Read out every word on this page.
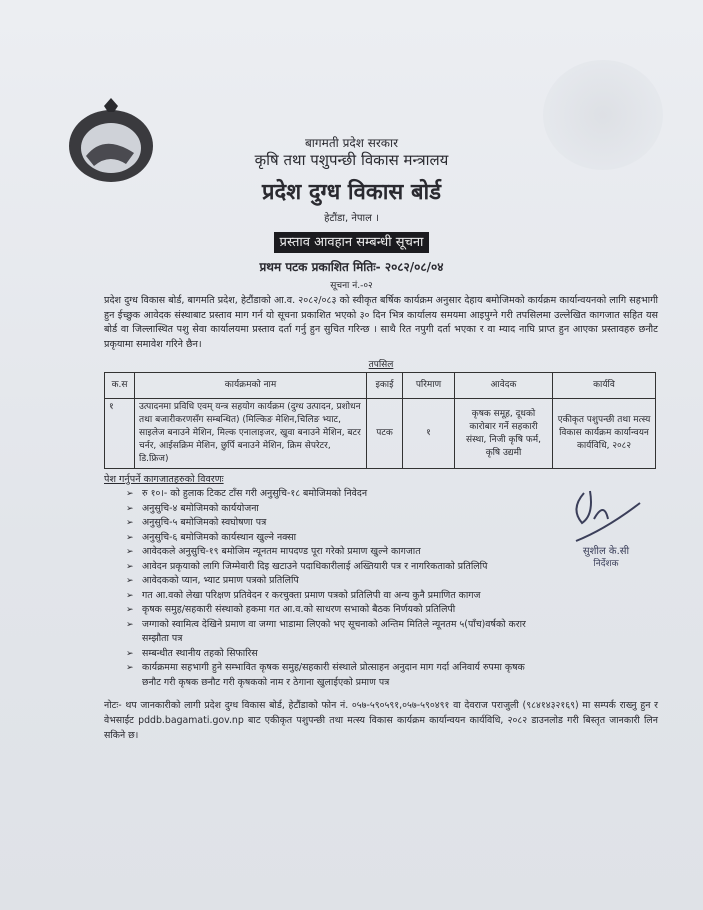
बागमती प्रदेश सरकार
कृषि तथा पशुपन्छी विकास मन्त्रालय
प्रदेश दुग्ध विकास बोर्ड
हेटौंडा, नेपाल ।
प्रस्ताव आवहान सम्बन्धी सूचना
प्रथम पटक प्रकाशित मितिः- २०८२/०८/०४
सूचना नं.-०२

प्रदेश दुग्ध विकास बोर्ड, बागमति प्रदेश, हेटौंडाको आ.व. २०८२/०८३ को स्वीकृत बर्षिक कार्यक्रम अनुसार देहाय बमोजिमको कार्यक्रम कार्यान्वयनको लागि सहभागी हुन ईच्छुक आवेदक संस्थाबाट प्रस्ताव माग गर्न यो सूचना प्रकाशित भएको ३० दिन भित्र कार्यालय समयमा आइपुग्ने गरी तपसिलमा उल्लेखित कागजात सहित यस बोर्ड वा जिल्लास्थित पशु सेवा कार्यालयमा प्रस्ताव दर्ता गर्नु हुन सुचित गरिन्छ । साथै रित नपुगी दर्ता भएका र वा म्याद नाघि प्राप्त हुन आएका प्रस्तावहरु छनौट प्रकृयामा समावेश गरिने छैन।

तपसिल
क.स	कार्यक्रमको नाम	इकाई	परिमाण	आवेदक	कार्यवि
१	उत्पादनमा प्रविधि एवम् यन्त्र सहयोग कार्यक्रम (दुग्ध उत्पादन, प्रशोधन तथा बजारीकरणसँग सम्बन्धित) (मिल्किङ मेशिन,चिलिङ भ्याट, साइलेज बनाउने मेशिन, मिल्क एनालाइजर, खुवा बनाउने मेशिन, बटर चर्नर, आईसक्रिम मेशिन, छुर्पि बनाउने मेशिन, क्रिम सेपरेटर, डि.फ्रिज)	पटक	१	कृषक समूह, दूधको कारोबार गर्ने सहकारी संस्था, निजी कृषि फर्म, कृषि उद्यमी	एकीकृत पशुपन्छी तथा मत्स्य विकास कार्यक्रम कार्यान्वयन कार्यविधि, २०८२
पेश गर्नुपर्ने कागजातहरुको विवरणः
➢ रु १०।- को हुलाक टिकट टाँस गरी अनुसुचि-१८ बमोजिमको निवेदन
➢ अनुसुचि-४ बमोजिमको कार्ययोजना
➢ अनुसुचि-५ बमोजिमको स्वघोषणा पत्र
➢ अनुसुचि-६ बमोजिमको कार्यस्थान खुल्ने नक्सा
➢ आवेदकले अनुसुचि-१९ बमोजिम न्यूनतम मापदण्ड पूरा गरेको प्रमाण खुल्ने कागजात
➢ आवेदन प्रकृयाको लागि जिम्मेवारी दिइ खटाउने पदाधिकारीलाई अख्तियारी पत्र र नागरिकताको प्रतिलिपि
➢ आवेदकको प्यान, भ्याट प्रमाण पत्रको प्रतिलिपि
➢ गत आ.वको लेखा परिक्षण प्रतिवेदन र करचुक्ता प्रमाण पत्रको प्रतिलिपी वा अन्य कुनै प्रमाणित कागज
➢ कृषक समुह/सहकारी संस्थाको हकमा गत आ.व.को साधरण सभाको बैठक निर्णयको प्रतिलिपी
➢ जग्गाको स्वामित्व देखिने प्रमाण वा जग्गा भाडामा लिएको भए सूचनाको अन्तिम मितिले न्यूनतम ५(पाँच)वर्षको करार सम्झौता पत्र
➢ सम्बन्धीत स्थानीय तहको सिफारिस
➢ कार्यक्रममा सहभागी हुने सम्भावित कृषक समुह/सहकारी संस्थाले प्रोत्साहन अनुदान माग गर्दा अनिवार्य रुपमा कृषक छनौट गरी कृषक छनौट गरी कृषकको नाम र ठेगाना खुलाईएको प्रमाण पत्र
सुशील के.सी
निर्देशक

नोटः- थप जानकारीको लागी प्रदेश दुग्ध विकास बोर्ड, हेटौंडाको फोन नं. ०५७-५९०५९१,०५७-५९०४९१ वा देवराज पराजुली (९८४१४३२१६९) मा सम्पर्क राख्नु हुन र वेभसाईट pddb.bagamati.gov.np बाट एकीकृत पशुपन्छी तथा मत्स्य विकास कार्यक्रम कार्यान्वयन कार्यविधि, २०८२ डाउनलोड गरी बिस्तृत जानकारी लिन सकिने छ।
